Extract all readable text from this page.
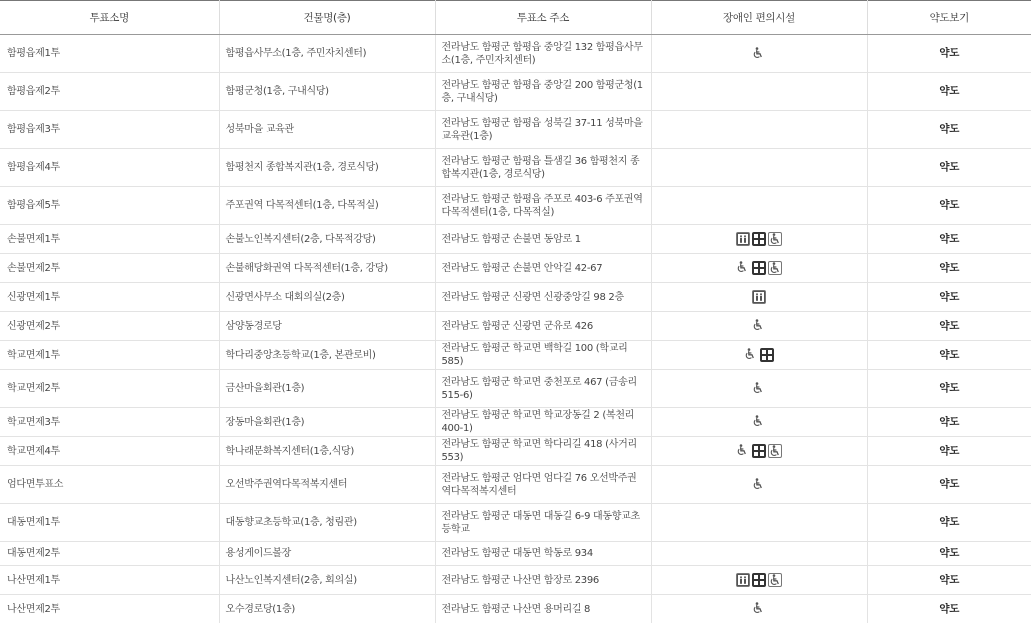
투표소명	건물명(층)	투표소 주소	장애인 편의시설	약도보기
함평읍제1투	함평읍사무소(1층, 주민자치센터)	전라남도 함평군 함평읍 중앙길 132 함평읍사무소(1층, 주민자치센터)		약도
함평읍제2투	함평군청(1층, 구내식당)	전라남도 함평군 함평읍 중앙길 200 함평군청(1층, 구내식당)		약도
함평읍제3투	성북마을 교육관	전라남도 함평군 함평읍 성북길 37-11 성북마을 교육관(1층)		약도
함평읍제4투	함평천지 종합복지관(1층, 경로식당)	전라남도 함평군 함평읍 틀샘길 36 함평천지 종합복지관(1층, 경로식당)		약도
함평읍제5투	주포권역 다목적센터(1층, 다목적실)	전라남도 함평군 함평읍 주포로 403-6 주포권역 다목적센터(1층, 다목적실)		약도
손불면제1투	손불노인복지센터(2층, 다목적강당)	전라남도 함평군 손불면 동암로 1		약도
손불면제2투	손불해당화권역 다목적센터(1층, 강당)	전라남도 함평군 손불면 안악길 42-67		약도
신광면제1투	신광면사무소 대회의실(2층)	전라남도 함평군 신광면 신광중앙길 98 2층		약도
신광면제2투	삼양동경로당	전라남도 함평군 신광면 군유로 426		약도
학교면제1투	학다리중앙초등학교(1층, 본관로비)	전라남도 함평군 학교면 백학길 100 (학교리585)		약도
학교면제2투	금산마을회관(1층)	전라남도 함평군 학교면 중천포로 467 (금송리 515-6)		약도
학교면제3투	장동마을회관(1층)	전라남도 함평군 학교면 학교장동길 2 (복천리400-1)		약도
학교면제4투	학나래문화복지센터(1층,식당)	전라남도 함평군 학교면 학다리길 418 (사거리553)		약도
엄다면투표소	오선박주권역다목적복지센터	전라남도 함평군 엄다면 엄다길 76 오선박주권역다목적복지센터		약도
대동면제1투	대동향교초등학교(1층, 청림관)	전라남도 함평군 대동면 대동길 6-9 대동향교초등학교		약도
대동면제2투	용성게이드볼장	전라남도 함평군 대동면 학동로 934		약도
나산면제1투	나산노인복지센터(2층, 회의실)	전라남도 함평군 나산면 함장로 2396		약도
나산면제2투	오수경로당(1층)	전라남도 함평군 나산면 용머리길 8		약도
